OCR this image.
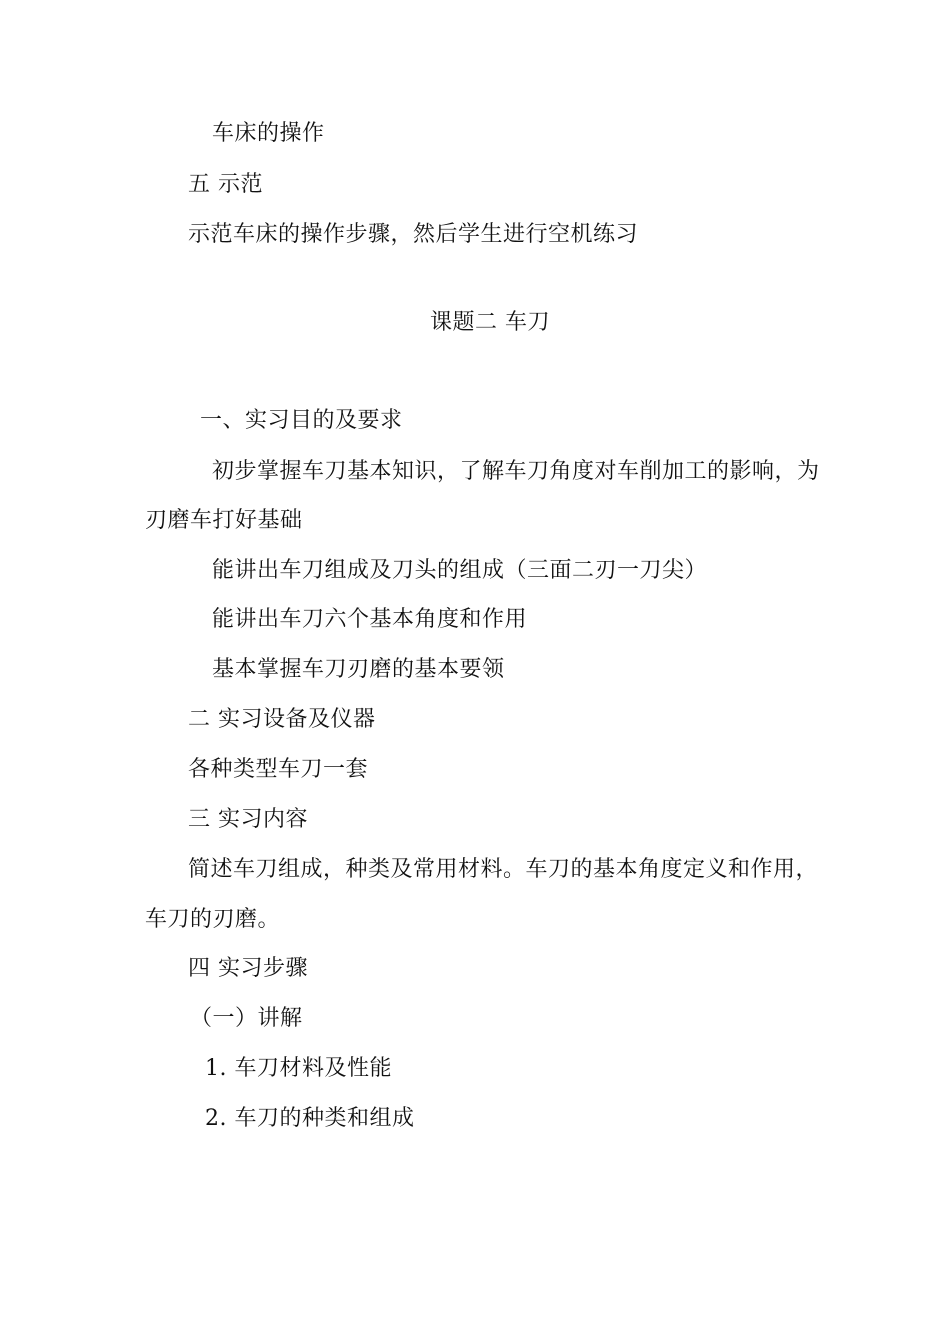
车床的操作
五 示范
示范车床的操作步骤，然后学生进行空机练习
课题二 车刀
一、实习目的及要求
初步掌握车刀基本知识，了解车刀角度对车削加工的影响，为
刃磨车打好基础
能讲出车刀组成及刀头的组成（三面二刃一刀尖）
能讲出车刀六个基本角度和作用
基本掌握车刀刃磨的基本要领
二 实习设备及仪器
各种类型车刀一套
三 实习内容
简述车刀组成，种类及常用材料。车刀的基本角度定义和作用，
车刀的刃磨。
四 实习步骤
（一）讲解
1. 车刀材料及性能
2. 车刀的种类和组成
